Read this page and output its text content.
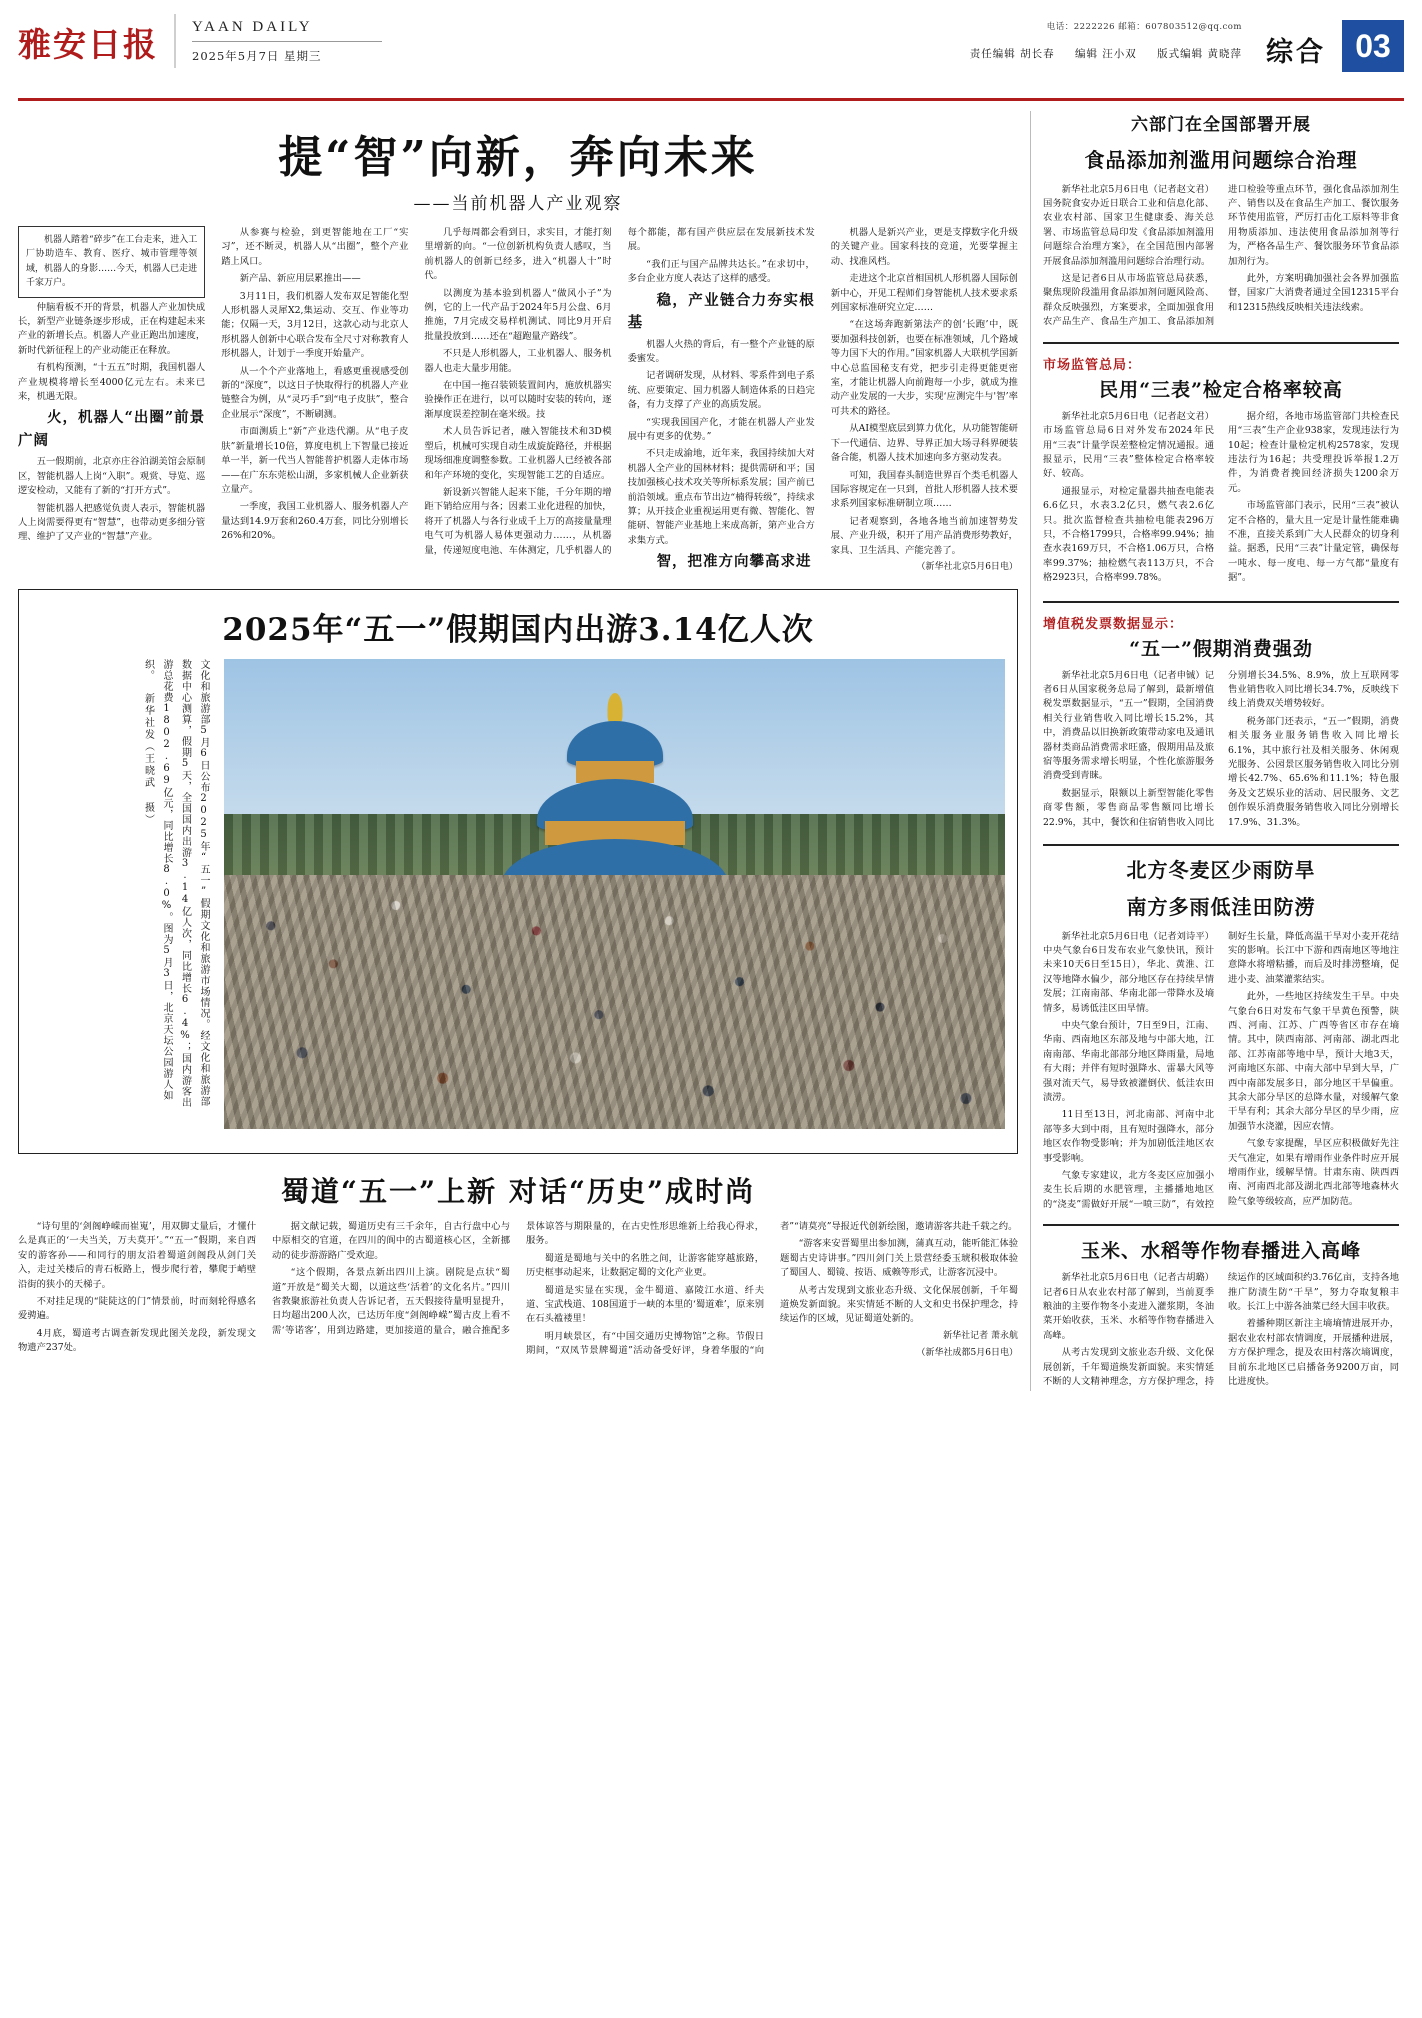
雅安日报 YAAN DAILY
2025年5月7日 星期三
电话：2222226 邮箱：607803512@qq.com
责任编辑 胡长春 编辑 汪小双 版式编辑 黄晓萍 综合 03
提“智”向新，奔向未来
——当前机器人产业观察

机器人踏着“碎步”在工台走来，进入工厂协助造车、教育、医疗、城市管理等领域，机器人的身影……今天，机器人已走进千家万户。

仲脑看板不开的背景，机器人产业加快成长，新型产业链条逐步形成，正在构建起未来产业的新增长点。机器人产业正跑出加速度，新时代新征程上的产业动能正在释放。

有机构预测，“十五五”时期，我国机器人产业规模将增长至4000亿元左右。未来已来，机遇无限。

火，机器人“出圈”前景广阔

五一假期前，北京亦庄谷泊湖美馆会原制区，智能机器人上岗“入职”。观赏、导览、巡逻安检动，又能有了新的“打开方式”。

智能机器人把感觉负责人表示，智能机器人上岗需要得更有“智慧”，也带动更多细分管理、维护了又产业的“智慧”产业。

从参赛与检验，到更智能地在工厂“实习”，还不断灵，机器人从“出圈”，整个产业踏上风口。

新产品、新应用层累推出——

3月11日，我们机器人发布双足智能化型人形机器人灵犀X2,集运动、交互、作业等功能；仅隔一天，3月12日，这款心动与北京人形机器人创新中心联合发布全尺寸对称教育人形机器人，计划于一季度开始量产。

从一个个产业落地上，看感更重视感受创新的“深度”，以这日子快取得行的机器人产业链整合为例，从“灵巧手”到“电子皮肤”，整合企业展示“深度”，不断刷测。

市面测质上“新”产业迭代潮。从“电子皮肤”新量增长10倍，算度电机上下智量已接近单一半，新一代当人智能普护机器人走体市场——在广东东莞松山湖，多家机械人企业新获立量产。

一季度，我国工业机器人、服务机器人产量达到14.9万套和260.4万套，同比分别增长26%和20%。

几乎每周都会看到日，求实目，才能打刻里增新的向。“一位创新机构负责人感叹，当前机器人的创新已经多，进入“机器人十”时代。

以测度为基本验到机器人“做风小子”为例，它的上一代产品于2024年5月公盘、6月推施，7月完成交易样机测试、同比9月开启批量投放到……还在“超跑量产路线”。

不只是人形机器人，工业机器人、服务机器人也走大量步用能。

在中国一拖召装锁装置间内，施放机器实验操作正在进行，以可以随时安装的转向，逐渐厚度误差控制在毫米级。技

术人员告诉记者，融入智能技术和3D模塑后，机械可实现自动生成旋旋路径，并根据现场细准度调整参数。工业机器人已经被各部和年产环境的变化，实现智能工艺的自适应。

新设新兴智能人起来下能，千分年期的增距下销给应用与各；因素工业化进程的加快，将开了机器人与各行业成千上万的高接量量理电气可为机器人易体更强动力……，从机器量，传递短度电池、车体测定，几乎机器人的每个都能，都有国产供应层在发展新技术发展。

“我们正与国产品牌共达长。”在求切中，多台企业方度人表达了这样的感受。

稳，产业链合力夯实根基

机器人火热的背后，有一整个产业链的原委蜜发。

记者调研发现，从材料、零系件到电子系统、应要策定、国力机器人制造体系的日趋完备，有力支撑了产业的高质发展。

“实现我国国产化，才能在机器人产业发展中有更多的优势。”

不只走成渝地，近年来，我国持续加大对机器人全产业的国林材料；提供需研和平；国技加强核心技术攻关等所标系发展；国产前已前沿领域。重点布节出边“楠得转级”，持续求算；从开技企业重视运用更有微、智能化、智能研、智能产业基地上来成高新，第产业合方求集方式。

智，把准方向攀高求进

机器人是新兴产业，更是支撑数字化升级的关键产业。国家科技的竞道，光要掌握主动、找准风档。

走进这个北京首相国机人形机器人国际创新中心，开见工程师们身智能机人技术要求系列国家标准研究立定……

“在这场奔跑新第法产的创‘长跑’中，既要加强科技创新，也要在标准领域，几个路域等力国下大的作用。”国家机器人大联机学国新中心总监国秘支有党，把步引走得更能更密室，才能让机器人向前跑每一小步，就成为推动产业发展的一大步，实现‘应测完牛与'智’率可共术的路径。

从AI模型底层到算力优化，从功能智能研下一代通信、边界、导界正加大场寻科界硬装备合能，机器人技术加速向多方驱动发表。

可知，我国春头制造世界百个类毛机器人国际容规定在一只到，首批人形机器人技术要求系列国家标准研制立项……

记者观察到，各地各地当前加速智势发展、产业升级，积开了用产品消费形势教好，家具、卫生活具、产能完善了。

（新华社北京5月6日电）

2025年“五一”假期国内出游3.14亿人次
文化和旅游部5月6日公布2025年“五一”假期文化和旅游市场情况。经文化和旅游部数据中心测算，假期5天，全国国内出游3.14亿人次，同比增长6.4%；国内游客出游总花费1802.69亿元，同比增长8.0%。图为5月3日，北京天坛公园游人如织。 新华社发（王晓武 摄）
蜀道“五一”上新 对话“历史”成时尚

“诗句里的‘剑阁峥嵘而崔嵬’，用双脚丈量后，才懂什么是真正的‘一夫当关，万夫莫开’。”“五一”假期，来自西安的游客孙——和同行的朋友沿着蜀道剑阁段从剑门关入，走过关楼后的青石板路上，慢步爬行着，攀爬于峭壁沿街的狭小的天梯子。

不对挂足现的“陡陡这的门”情景前，时而刻轮得感名爱骋遍。

4月底，蜀道考古调查新发现此图关龙段，新发现文物遗产237处。

据文献记载，蜀道历史有三千余年，自古行盘中心与中原相交的官道，在四川的阆中的古蜀道核心区，全新挪动的徒步游游路广受欢迎。

“这个假期，各景点新出四川上演。剧院是点状“蜀道”开放是“蜀关大蜀，以道这些‘活着’的文化名片。”四川省教聚旅游社负责人告诉记者，五天假接待量明显提升，日均超出200人次，已达历年度“剑阁峥嵘”蜀古皮上看不需‘等诺客’，用到边路建，更加接道的量合，融合推配多景体谅答与期限量的，在古史性形思维新上给我心得求，服务。

蜀道是蜀地与关中的名胜之间，让游客能穿越旅路，历史框事动起来，让数据定蜀的文化产业更。

蜀道是实显在实现，金牛蜀道、嘉陵江水道、纤夫道、宝武栈道、108国道于一峡的本里的‘蜀道难’，原来别在石头褴褛里！

明月峡景区，有“中国交通历史博物馆”之称。节假日期间，“双凤节景牌蜀道”活动备受好评，身着华服的“向者”“请莫亮”导报近代创新绘图，邀请游客共赴千载之约。

“游客来安晋蜀里出参加测，蒲真互动，能听能汇体验题蜀古史诗讲事。”四川剑门关上景营经委玉琥积极取体验了蜀国人、蜀镜、按语、威赖等形式，让游客沉浸中。

从考古发现到文旅业态升级、文化保展创新，千年蜀道焕发新面貌。来实情延不断的人文和史书保护理念，持续运作的区域，见证蜀道处新的。

新华社记者 萧永航

（新华社成都5月6日电）

六部门在全国部署开展
食品添加剂滥用问题综合治理

新华社北京5月6日电（记者赵文君）国务院食安办近日联合工业和信息化部、农业农村部、国家卫生健康委、海关总署、市场监管总局印发《食品添加剂滥用问题综合治理方案》，在全国范围内部署开展食品添加剂滥用问题综合治理行动。

这是记者6日从市场监管总局获悉，聚焦现阶段滥用食品添加剂问题风险高、群众反映强烈，方案要求，全面加强食用农产品生产、食品生产加工、食品添加剂进口检验等重点环节，强化食品添加剂生产、销售以及在食品生产加工、餐饮服务环节使用监管，严厉打击化工原料等非食用物质添加、违法使用食品添加剂等行为，严格各品生产、餐饮服务环节食品添加剂行为。

此外，方案明确加强社会各界加强监督，国家广大消费者通过全国12315平台和12315热线反映相关违法线索。

市场监管总局：
民用“三表”检定合格率较高

新华社北京5月6日电（记者赵文君）市场监管总局6日对外发布2024年民用“三表”计量学误差整检定情况通报。通报显示，民用“三表”整体检定合格率较好、较高。

通报显示，对检定量器共抽查电能表6.6亿只，水表3.2亿只，燃气表2.6亿只。批次监督检查共抽检电能表296万只，不合格1799只，合格率99.94%；抽查水表169万只，不合格1.06万只，合格率99.37%；抽检燃气表113万只，不合格2923只，合格率99.78%。

据介绍，各地市场监管部门共检查民用“三表”生产企业938家，发现违法行为10起；检查计量检定机构2578家，发现违法行为16起；共受理投诉举报1.2万件，为消费者挽回经济损失1200余万元。

市场监管部门表示，民用“三表”被认定不合格的，量大且一定是计量性能难确不准，直接关系到广大人民群众的切身利益。据悉，民用“三表”计量定管，确保每一吨水、每一度电、每一方气都“量度有据”。

增值税发票数据显示：
“五一”假期消费强劲

新华社北京5月6日电（记者申铖）记者6日从国家税务总局了解到，最新增值税发票数据显示，“五一”假期，全国消费相关行业销售收入同比增长15.2%，其中，消费品以旧换新政策带动家电及通讯器材类商品消费需求旺盛，假期用品及旅宿等服务需求增长明显，个性化旅游服务消费受到青睐。

数据显示，限额以上新型智能化零售商零售额，零售商品零售额同比增长22.9%，其中，餐饮和住宿销售收入同比分别增长34.5%、8.9%，放上互联网零售业销售收入同比增长34.7%，反映线下线上消费双关增势较好。

税务部门还表示，“五一”假期，消费相关服务业服务销售收入同比增长6.1%，其中旅行社及相关服务、休闲观光服务、公园景区服务销售收入同比分别增长42.7%、65.6%和11.1%；特色服务及文艺娱乐业的活动、居民服务、文艺创作娱乐消费服务销售收入同比分别增长17.9%、31.3%。

北方冬麦区少雨防旱
南方多雨低洼田防涝

新华社北京5月6日电（记者刘诗平）中央气象台6日发布农业气象快讯，预计未来10天6日至15日），华北、黄淮、江汉等地降水偏少，部分地区存在持续旱情发展；江南南部、华南北部一带降水及墒情多，易诱低洼区田旱情。

中央气象台预计，7日至9日，江南、华南、西南地区东部及地与中部大地，江南南部、华南北部部分地区降雨量，局地有大雨；并伴有短时强降水、雷暴大风等强对流天气，易导致被灌倒伏、低洼农田渍涝。

11日至13日，河北南部、河南中北部等多大到中雨，且有短时强降水，部分地区农作物受影响；并为加剧低洼地区农事受影响。

气象专家建议，北方冬麦区应加强小麦生长后期的水肥管理，主播播地地区的“浇麦”需做好开展“一喷三防”，有效控制好生长量，降低高温干旱对小麦开花结实的影响。长江中下游和西南地区等地注意降水将增粘播，而后及时排涝整墒，促进小麦、油菜灌浆结实。

此外，一些地区持续发生干旱。中央气象台6日对发布气象干旱黄色预警，陕西、河南、江苏、广西等省区市存在墒情。其中，陕西南部、河南部、湖北西北部、江苏南部等地中旱，预计大地3天，河南地区东部、中南大部中早到大旱，广西中南部发展多日，部分地区干旱偏重。其余大部分旱区的总降水量，对缓解气象干旱有利；其余大部分旱区的旱少雨，应加强节水浇灌，因应农情。

气象专家提醒，旱区应积极做好先注天气准定，如果有增雨作业条件时应开展增雨作业，缓解旱情。甘肃东南、陕西西南、河南西北部及湖北西北部等地森林火险气象等级较高，应严加防范。

玉米、水稻等作物春播进入高峰

新华社北京5月6日电（记者古胡璐）记者6日从农业农村部了解到，当前夏季粮油的主要作物冬小麦进入灌浆期，冬油菜开始收获，玉米、水稻等作物春播进入高峰。

从考古发现到文旅业态升级、文化保展创新，千年蜀道焕发新面貌。来实情延不断的人文精神理念，方方保护理念，持续运作的区域面积约3.76亿亩，支持各地推广防渍生防“干旱”，努力夺取复粮丰收。长江上中游各油菜已经大国丰收获。

着播种期区新注主墒墒情进展开办，据农业农村部农情调度，开展播种进展，方方保护理念，提及农田村落次墒调度，目前东北地区已启播备务9200万亩，同比进度快。
